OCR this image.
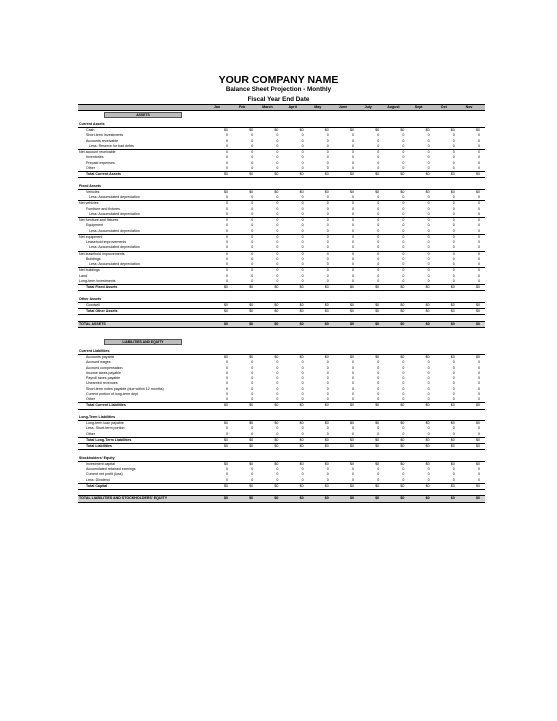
YOUR COMPANY NAME
Balance Sheet Projection - Monthly
Fiscal Year End Date
Jan	Feb	March	April	May	June	July	August	Sept	Oct	Nov
ASSETS
Current Assets
Cash	$0	$0	$0	$0	$0	$0	$0	$0	$0	$0	$0
Short-term investments	0	0	0	0	0	0	0	0	0	0	0
Accounts receivable	0	0	0	0	0	0	0	0	0	0	0
Less: Reserve for bad debts	0	0	0	0	0	0	0	0	0	0	0
Net account receivable	0	0	0	0	0	0	0	0	0	0	0
Inventories	0	0	0	0	0	0	0	0	0	0	0
Prepaid expenses	0	0	0	0	0	0	0	0	0	0	0
Other	0	0	0	0	0	0	0	0	0	0	0
Total Current Assets	$0	$0	$0	$0	$0	$0	$0	$0	$0	$0	$0
Fixed Assets
Vehicles	$0	$0	$0	$0	$0	$0	$0	$0	$0	$0	$0
Less: Accumulated depreciation	0	0	0	0	0	0	0	0	0	0	0
Net vehicles	0	0	0	0	0	0	0	0	0	0	0
Furniture and fixtures	0	0	0	0	0	0	0	0	0	0	0
Less: Accumulated depreciation	0	0	0	0	0	0	0	0	0	0	0
Net furniture and fixtures	0	0	0	0	0	0	0	0	0	0	0
Equipment	0	0	0	0	0	0	0	0	0	0	0
Less: Accumulated depreciation	0	0	0	0	0	0	0	0	0	0	0
Net equipment	0	0	0	0	0	0	0	0	0	0	0
Leasehold improvements	0	0	0	0	0	0	0	0	0	0	0
Less: Accumulated depreciation	0	0	0	0	0	0	0	0	0	0	0
Net leasehold improvements	0	0	0	0	0	0	0	0	0	0	0
Buildings	0	0	0	0	0	0	0	0	0	0	0
Less: Accumulated depreciation	0	0	0	0	0	0	0	0	0	0	0
Net buildings	0	0	0	0	0	0	0	0	0	0	0
Land	0	0	0	0	0	0	0	0	0	0	0
Long-term investments	0	0	0	0	0	0	0	0	0	0	0
Total Fixed Assets	$0	$0	$0	$0	$0	$0	$0	$0	$0	$0	$0
Other Assets
Goodwill	$0	$0	$0	$0	$0	$0	$0	$0	$0	$0	$0
Total Other Assets	$0	$0	$0	$0	$0	$0	$0	$0	$0	$0	$0
TOTAL ASSETS	$0	$0	$0	$0	$0	$0	$0	$0	$0	$0	$0
LIABILITIES AND EQUITY
Current Liabilities
Accounts payable	$0	$0	$0	$0	$0	$0	$0	$0	$0	$0	$0
Accrued wages	0	0	0	0	0	0	0	0	0	0	0
Accrued compensation	0	0	0	0	0	0	0	0	0	0	0
Income taxes payable	0	0	0	0	0	0	0	0	0	0	0
Payroll taxes payable	0	0	0	0	0	0	0	0	0	0	0
Unearned revenues	0	0	0	0	0	0	0	0	0	0	0
Short-term notes payable (due within 12 months)	0	0	0	0	0	0	0	0	0	0	0
Current portion of long-term dept	0	0	0	0	0	0	0	0	0	0	0
Other	0	0	0	0	0	0	0	0	0	0	0
Total Current Liabilities	$0	$0	$0	$0	$0	$0	$0	$0	$0	$0	$0
Long-Term Liabilities
Long-term loan payable	$0	$0	$0	$0	$0	$0	$0	$0	$0	$0	$0
Less: Short-term portion	0	0	0	0	0	0	0	0	0	0	0
Other	0	0	0	0	0	0	0	0	0	0	0
Total Long-Term Liabilities	$0	$0	$0	$0	$0	$0	$0	$0	$0	$0	$0
Total Liabilities	$0	$0	$0	$0	$0	$0	$0	$0	$0	$0	$0
Stockholders' Equity
Investment capital	$0	$0	$0	$0	$0	$0	$0	$0	$0	$0	$0
Accumulated retained earnings	0	0	0	0	0	0	0	0	0	0	0
Current net profit (loss)	0	0	0	0	0	0	0	0	0	0	0
Less: Dividend	0	0	0	0	0	0	0	0	0	0	0
Total Capital	$0	$0	$0	$0	$0	$0	$0	$0	$0	$0	$0
TOTAL LIABILITIES AND STOCKHOLDERS' EQUITY	$0	$0	$0	$0	$0	$0	$0	$0	$0	$0	$0
